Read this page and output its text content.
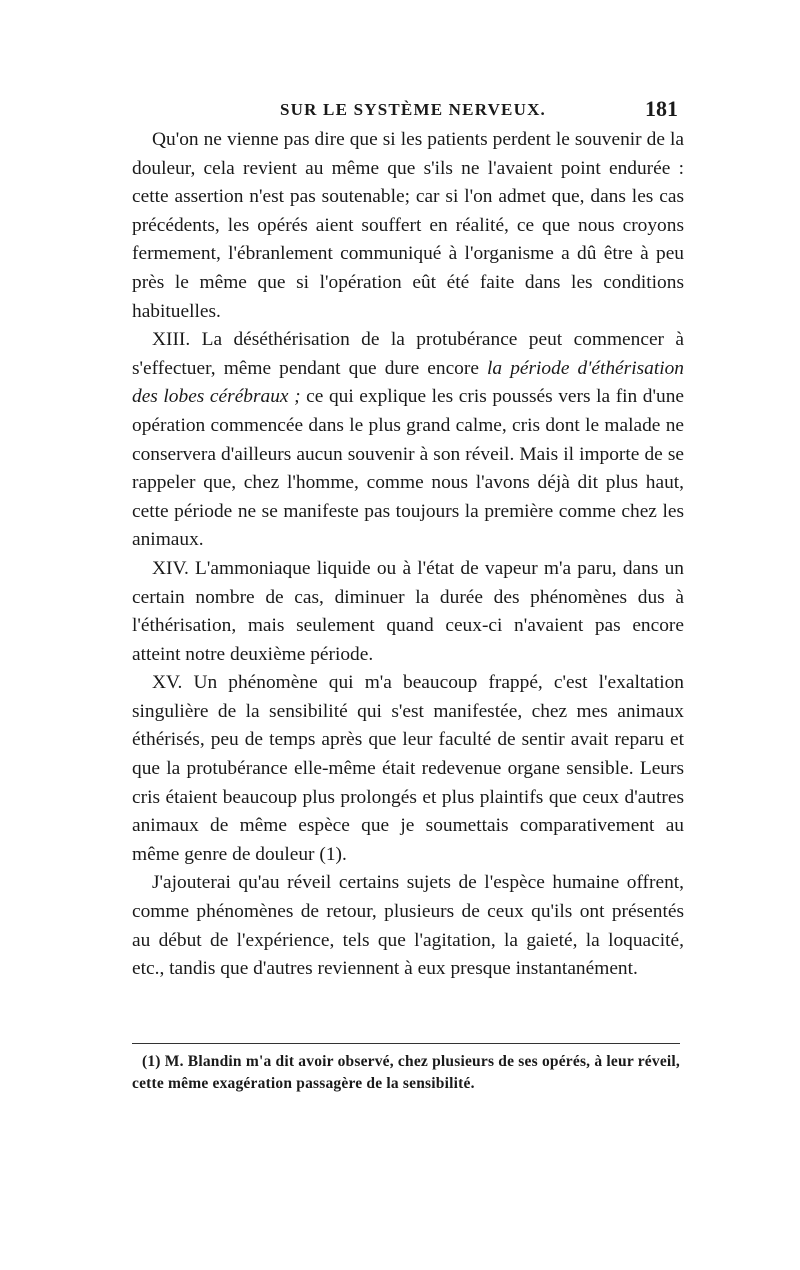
SUR LE SYSTÈME NERVEUX.	181

Qu'on ne vienne pas dire que si les patients perdent le souvenir de la douleur, cela revient au même que s'ils ne l'avaient point endurée : cette assertion n'est pas soutenable; car si l'on admet que, dans les cas précédents, les opérés aient souffert en réalité, ce que nous croyons fermement, l'ébranlement communiqué à l'organisme a dû être à peu près le même que si l'opération eût été faite dans les conditions habituelles.

XIII. La déséthérisation de la protubérance peut commencer à s'effectuer, même pendant que dure encore la période d'éthérisation des lobes cérébraux ; ce qui explique les cris poussés vers la fin d'une opération commencée dans le plus grand calme, cris dont le malade ne conservera d'ailleurs aucun souvenir à son réveil. Mais il importe de se rappeler que, chez l'homme, comme nous l'avons déjà dit plus haut, cette période ne se manifeste pas toujours la première comme chez les animaux.

XIV. L'ammoniaque liquide ou à l'état de vapeur m'a paru, dans un certain nombre de cas, diminuer la durée des phénomènes dus à l'éthérisation, mais seulement quand ceux-ci n'avaient pas encore atteint notre deuxième période.

XV. Un phénomène qui m'a beaucoup frappé, c'est l'exaltation singulière de la sensibilité qui s'est manifestée, chez mes animaux éthérisés, peu de temps après que leur faculté de sentir avait reparu et que la protubérance elle-même était redevenue organe sensible. Leurs cris étaient beaucoup plus prolongés et plus plaintifs que ceux d'autres animaux de même espèce que je soumettais comparativement au même genre de douleur (1).

J'ajouterai qu'au réveil certains sujets de l'espèce humaine offrent, comme phénomènes de retour, plusieurs de ceux qu'ils ont présentés au début de l'expérience, tels que l'agitation, la gaieté, la loquacité, etc., tandis que d'autres reviennent à eux presque instantanément.

(1) M. Blandin m'a dit avoir observé, chez plusieurs de ses opérés, à leur réveil, cette même exagération passagère de la sensibilité.
